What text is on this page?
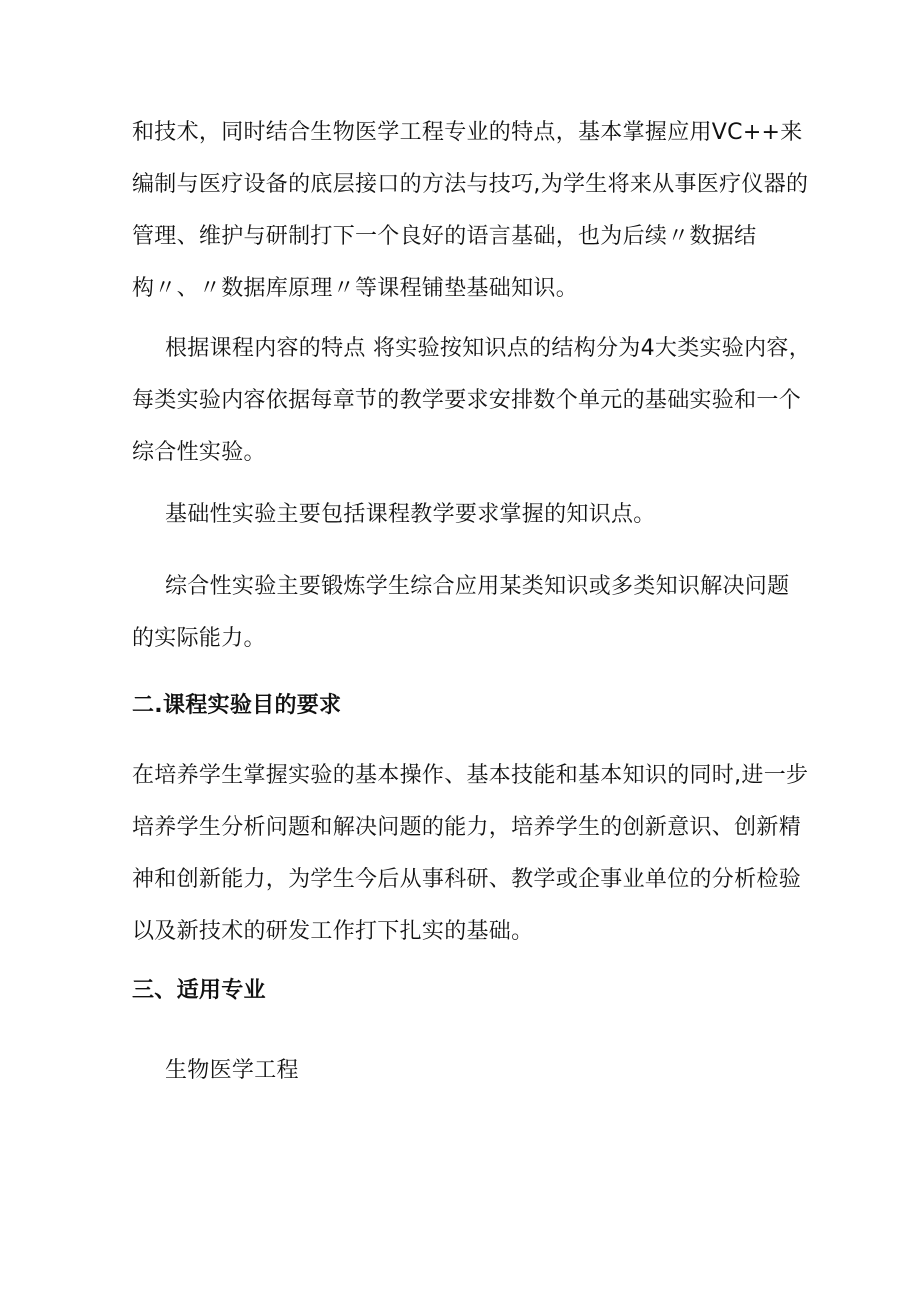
和技术，同时结合生物医学工程专业的特点，基本掌握应用VC++来
编制与医疗设备的底层接口的方法与技巧,为学生将来从事医疗仪器的
管理、维护与研制打下一个良好的语言基础，也为后续〃数据结
构〃、〃数据库原理〃等课程铺垫基础知识。
根据课程内容的特点 将实验按知识点的结构分为4大类实验内容，
每类实验内容依据每章节的教学要求安排数个单元的基础实验和一个
综合性实验。
基础性实验主要包括课程教学要求掌握的知识点。
综合性实验主要锻炼学生综合应用某类知识或多类知识解决问题
的实际能力。
二.课程实验目的要求
在培养学生掌握实验的基本操作、基本技能和基本知识的同时,进一步
培养学生分析问题和解决问题的能力，培养学生的创新意识、创新精
神和创新能力，为学生今后从事科研、教学或企事业单位的分析检验
以及新技术的研发工作打下扎实的基础。
三、适用专业
生物医学工程
